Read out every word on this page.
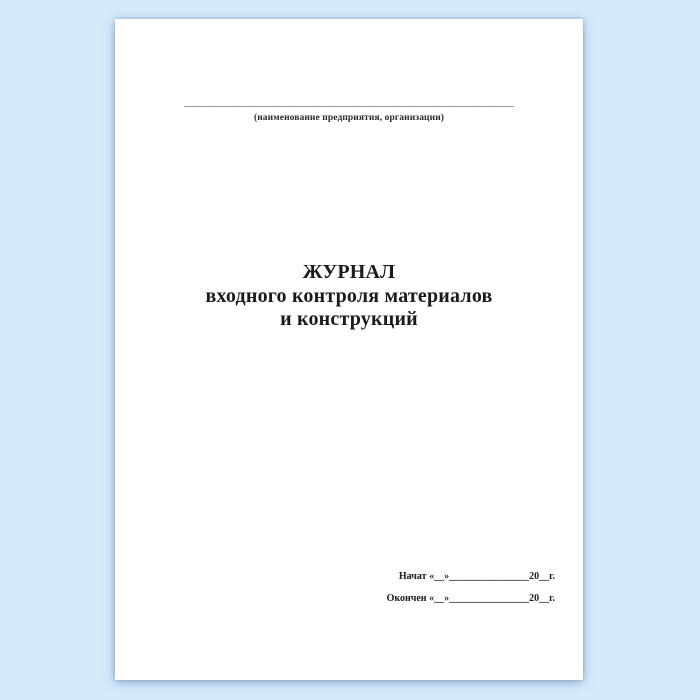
__________________________________________________________________
(наименование предприятия, организации)
ЖУРНАЛ
входного контроля материалов
и конструкций
Начат «__»________________20__г.
Окончен «__»________________20__г.
